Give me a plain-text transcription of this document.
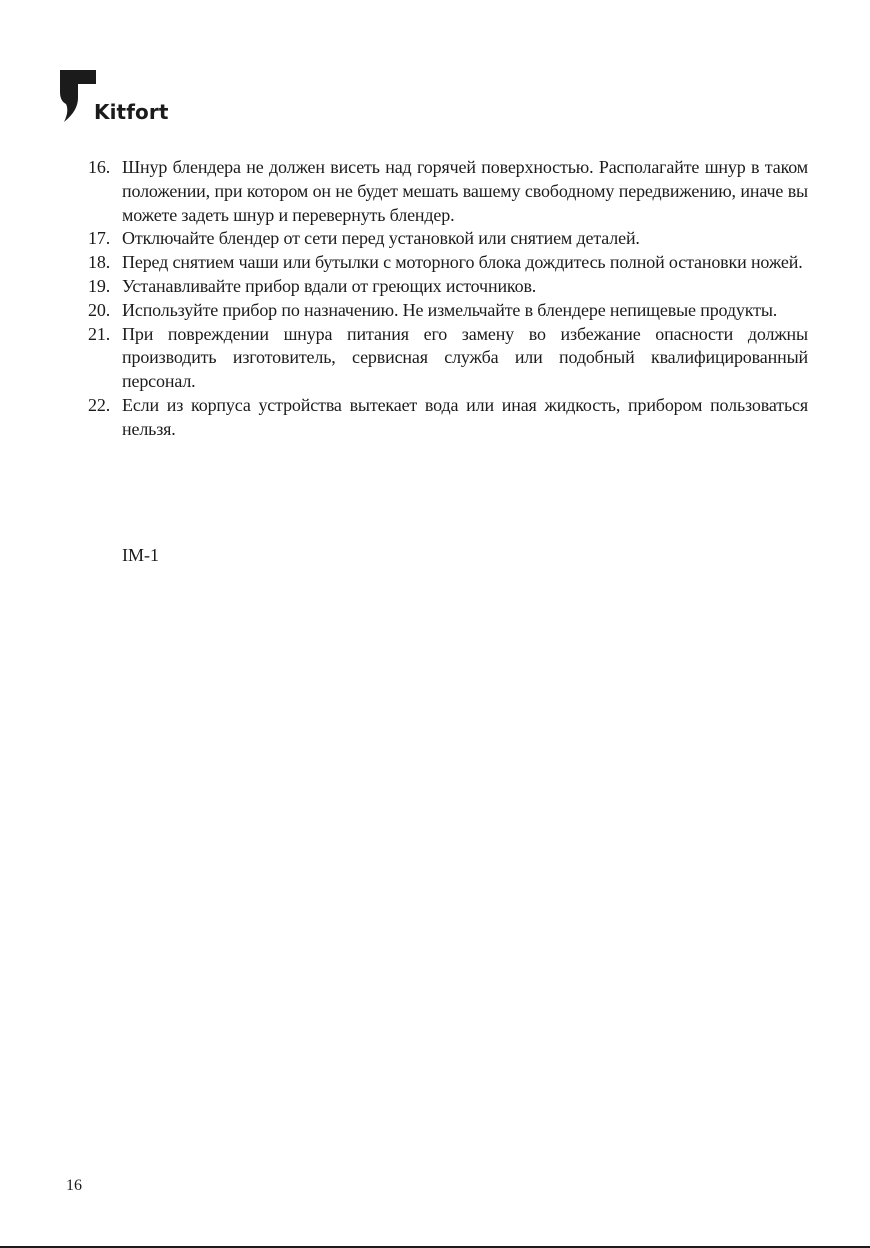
Kitfort
16. Шнур блендера не должен висеть над горячей поверхностью. Располагайте шнур в таком положении, при котором он не будет мешать вашему свободному передвижению, иначе вы можете задеть шнур и перевернуть блендер.
17. Отключайте блендер от сети перед установкой или снятием деталей.
18. Перед снятием чаши или бутылки с моторного блока дождитесь полной остановки ножей.
19. Устанавливайте прибор вдали от греющих источников.
20. Используйте прибор по назначению. Не измельчайте в блендере непищевые продукты.
21. При повреждении шнура питания его замену во избежание опасности должны производить изготовитель, сервисная служба или подобный квалифицированный персонал.
22. Если из корпуса устройства вытекает вода или иная жидкость, прибором пользоваться нельзя.
IM-1
16
